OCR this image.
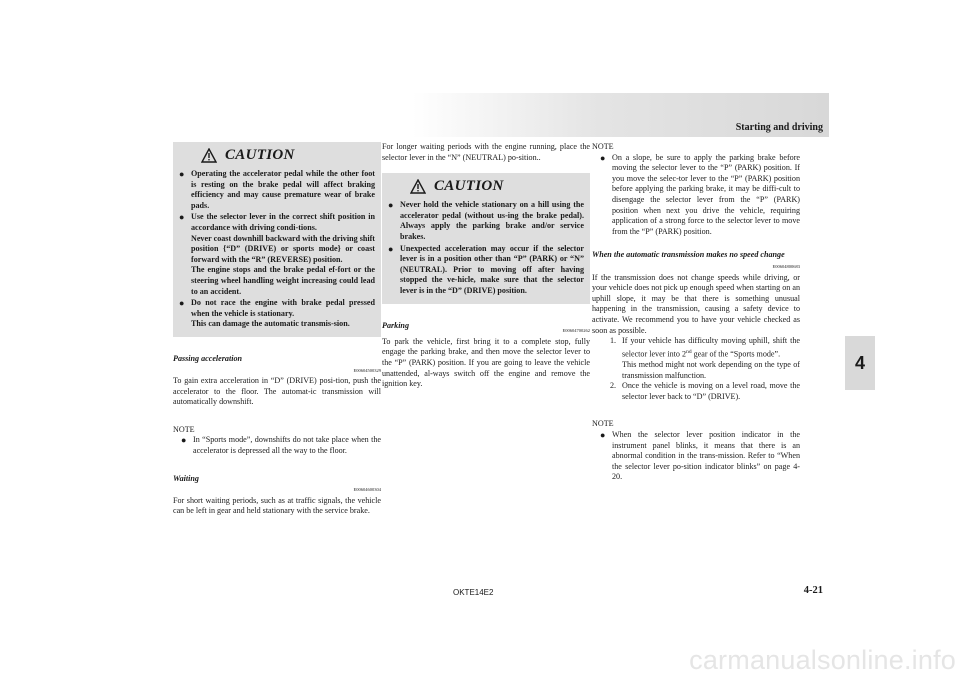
Starting and driving
4
CAUTION
● Operating the accelerator pedal while the other foot is resting on the brake pedal will affect braking efficiency and may cause premature wear of brake pads.
● Use the selector lever in the correct shift position in accordance with driving condi-tions.
Never coast downhill backward with the driving shift position {“D” (DRIVE) or sports mode} or coast forward with the “R” (REVERSE) position.
The engine stops and the brake pedal ef-fort or the steering wheel handling weight increasing could lead to an accident.
● Do not race the engine with brake pedal pressed when the vehicle is stationary.
This can damage the automatic transmis-sion.
Passing acceleration
E00604500329
To gain extra acceleration in “D” (DRIVE) posi-tion, push the accelerator to the floor. The automat-ic transmission will automatically downshift.
NOTE
● In “Sports mode”, downshifts do not take place when the accelerator is depressed all the way to the floor.
Waiting
E00604600304
For short waiting periods, such as at traffic signals, the vehicle can be left in gear and held stationary with the service brake.
For longer waiting periods with the engine running, place the selector lever in the “N” (NEUTRAL) po-sition..
CAUTION
● Never hold the vehicle stationary on a hill using the accelerator pedal (without us-ing the brake pedal). Always apply the parking brake and/or service brakes.
● Unexpected acceleration may occur if the selector lever is in a position other than “P” (PARK) or “N” (NEUTRAL). Prior to moving off after having stopped the ve-hicle, make sure that the selector lever is in the “D” (DRIVE) position.
Parking
E00604700262
To park the vehicle, first bring it to a complete stop, fully engage the parking brake, and then move the selector lever to the “P” (PARK) position. If you are going to leave the vehicle unattended, al-ways switch off the engine and remove the ignition key.
NOTE
● On a slope, be sure to apply the parking brake before moving the selector lever to the “P” (PARK) position. If you move the selec-tor lever to the “P” (PARK) position before applying the parking brake, it may be diffi-cult to disengage the selector lever from the “P” (PARK) position when next you drive the vehicle, requiring application of a strong force to the selector lever to move from the “P” (PARK) position.
When the automatic transmission makes no speed change
E00604800683
If the transmission does not change speeds while driving, or your vehicle does not pick up enough speed when starting on an uphill slope, it may be that there is something unusual happening in the transmission, causing a safety device to activate. We recommend you to have your vehicle checked as soon as possible.
1. If your vehicle has difficulty moving uphill, shift the selector lever into 2nd gear of the “Sports mode”.
This method might not work depending on the type of transmission malfunction.
2. Once the vehicle is moving on a level road, move the selector lever back to “D” (DRIVE).
NOTE
● When the selector lever position indicator in the instrument panel blinks, it means that there is an abnormal condition in the trans-mission. Refer to “When the selector lever po-sition indicator blinks” on page 4-20.
OKTE14E2	4-21
carmanualsonline.info
